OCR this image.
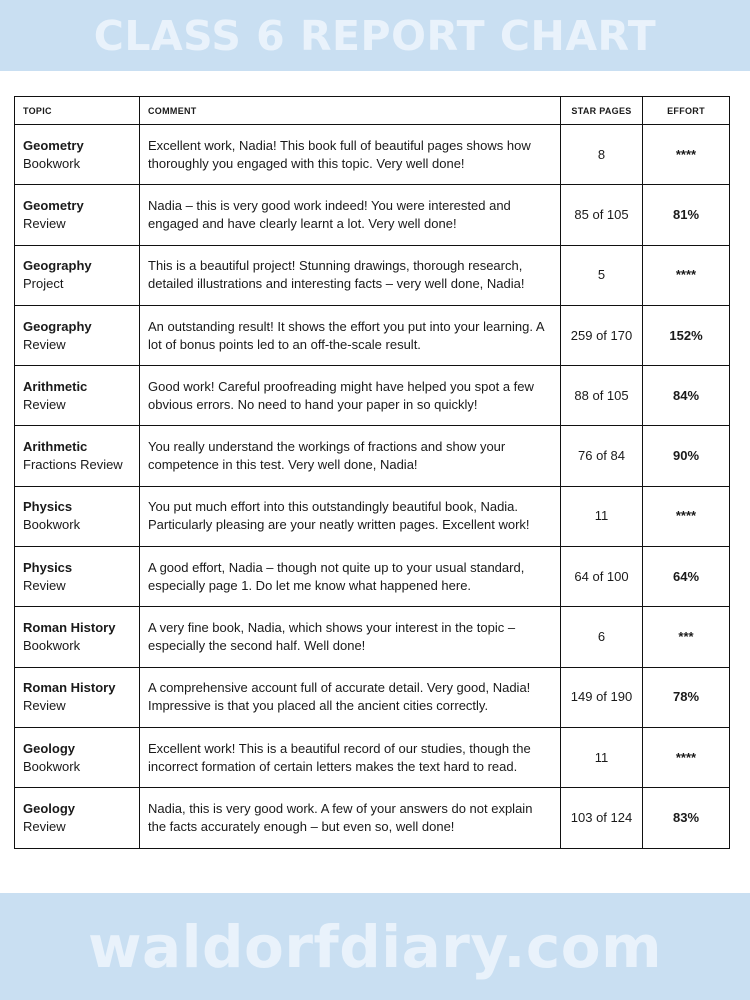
CLASS 6 REPORT CHART
TOPIC	COMMENT	STAR PAGES	EFFORT

Geometry
Bookwork	Excellent work, Nadia! This book full of beautiful pages shows how thoroughly you engaged with this topic. Very well done!	8	****

Geometry
Review	Nadia – this is very good work indeed! You were interested and engaged and have clearly learnt a lot. Very well done!	85 of 105	81%

Geography
Project	This is a beautiful project! Stunning drawings, thorough research, detailed illustrations and interesting facts – very well done, Nadia!	5	****

Geography
Review	An outstanding result! It shows the effort you put into your learning. A lot of bonus points led to an off-the-scale result.	259 of 170	152%

Arithmetic
Review	Good work! Careful proofreading might have helped you spot a few obvious errors. No need to hand your paper in so quickly!	88 of 105	84%

Arithmetic
Fractions Review	You really understand the workings of fractions and show your competence in this test. Very well done, Nadia!	76 of 84	90%

Physics
Bookwork	You put much effort into this outstandingly beautiful book, Nadia. Particularly pleasing are your neatly written pages. Excellent work!	11	****

Physics
Review	A good effort, Nadia – though not quite up to your usual standard, especially page 1. Do let me know what happened here.	64 of 100	64%

Roman History
Bookwork	A very fine book, Nadia, which shows your interest in the topic – especially the second half. Well done!	6	***

Roman History
Review	A comprehensive account full of accurate detail. Very good, Nadia! Impressive is that you placed all the ancient cities correctly.	149 of 190	78%

Geology
Bookwork	Excellent work! This is a beautiful record of our studies, though the incorrect formation of certain letters makes the text hard to read.	11	****

Geology
Review	Nadia, this is very good work. A few of your answers do not explain the facts accurately enough – but even so, well done!	103 of 124	83%
waldorfdiary.com
